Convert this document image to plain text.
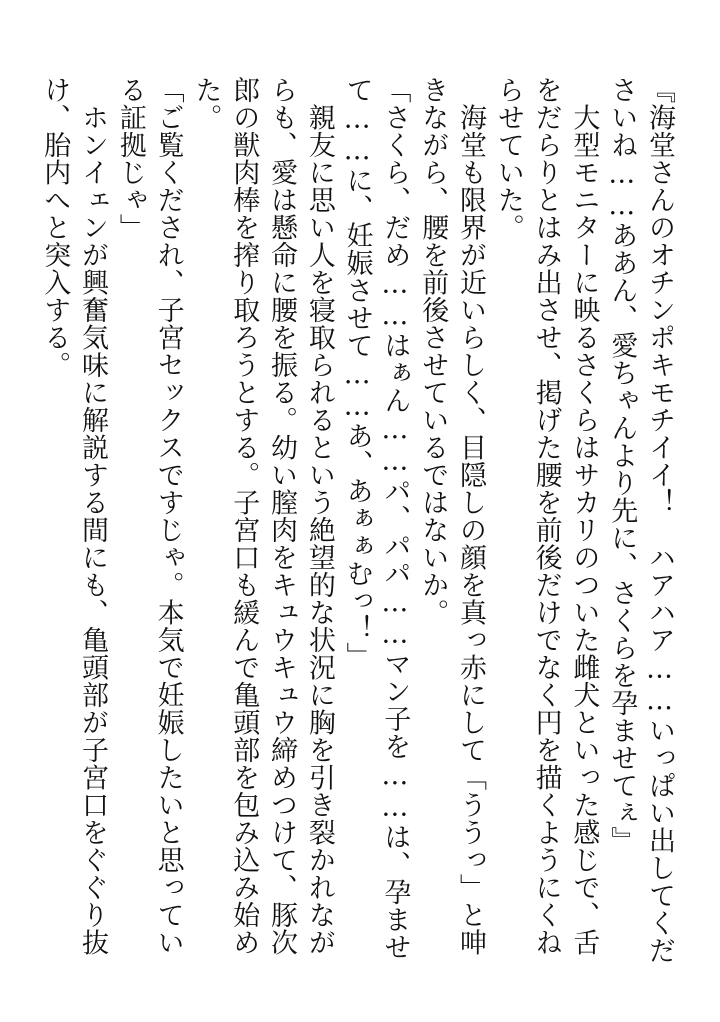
『海堂さんのオチンポキモチイイ！　ハアハア……いっぱい出してくださいね……ああん、愛ちゃんより先に、さくらを孕ませてぇ』

　大型モニターに映るさくらはサカリのついた雌犬といった感じで、舌をだらりとはみ出させ、掲げた腰を前後だけでなく円を描くようにくねらせていた。

　海堂も限界が近いらしく、目隠しの顔を真っ赤にして「ううっ」と呻きながら、腰を前後させているではないか。

「さくら、だめ……はぁん……パ、パパ……マン子を……は、孕ませて……に、妊娠させて……あ、あぁぁむっ！」

　親友に思い人を寝取られるという絶望的な状況に胸を引き裂かれながらも、愛は懸命に腰を振る。幼い膣肉をキュウキュウ締めつけて、豚次郎の獣肉棒を搾り取ろうとする。子宮口も緩んで亀頭部を包み込み始めた。

「ご覧くだされ、子宮セックスですじゃ。本気で妊娠したいと思っている証拠じゃ」

　ホンイェンが興奮気味に解説する間にも、亀頭部が子宮口をぐぐり抜け、胎内へと突入する。
